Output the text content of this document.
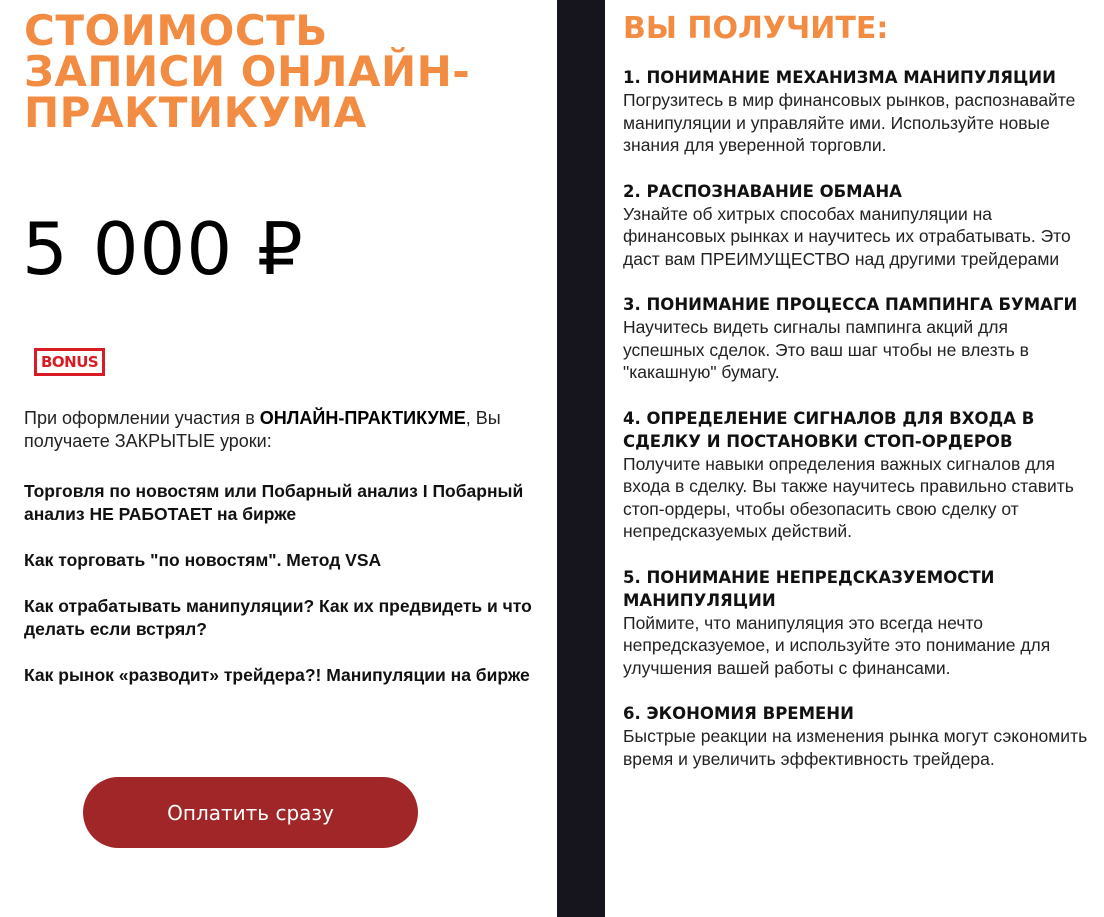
СТОИМОСТЬ ЗАПИСИ ОНЛАЙН-ПРАКТИКУМА
5 000 ₽
BONUS
При оформлении участия в ОНЛАЙН-ПРАКТИКУМЕ, Вы получаете ЗАКРЫТЫЕ уроки:
Торговля по новостям или Побарный анализ I Побарный анализ НЕ РАБОТАЕТ на бирже
Как торговать "по новостям". Метод VSA
Как отрабатывать манипуляции? Как их предвидеть и что делать если встрял?
Как рынок «разводит» трейдера?! Манипуляции на бирже
Оплатить сразу
ВЫ ПОЛУЧИТЕ:
1. ПОНИМАНИЕ МЕХАНИЗМА МАНИПУЛЯЦИИ

Погрузитесь в мир финансовых рынков, распознавайте манипуляции и управляйте ими. Используйте новые знания для уверенной торговли.

2. РАСПОЗНАВАНИЕ ОБМАНА

Узнайте об хитрых способах манипуляции на финансовых рынках и научитесь их отрабатывать. Это даст вам ПРЕИМУЩЕСТВО над другими трейдерами

3. ПОНИМАНИЕ ПРОЦЕССА ПАМПИНГА БУМАГИ

Научитесь видеть сигналы пампинга акций для успешных сделок. Это ваш шаг чтобы не влезть в "какашную" бумагу.

4. ОПРЕДЕЛЕНИЕ СИГНАЛОВ ДЛЯ ВХОДА В СДЕЛКУ И ПОСТАНОВКИ СТОП-ОРДЕРОВ

Получите навыки определения важных сигналов для входа в сделку. Вы также научитесь правильно ставить стоп-ордеры, чтобы обезопасить свою сделку от непредсказуемых действий.

5. ПОНИМАНИЕ НЕПРЕДСКАЗУЕМОСТИ МАНИПУЛЯЦИИ

Поймите, что манипуляция это всегда нечто непредсказуемое, и используйте это понимание для улучшения вашей работы с финансами.

6. ЭКОНОМИЯ ВРЕМЕНИ

Быстрые реакции на изменения рынка могут сэкономить время и увеличить эффективность трейдера.
